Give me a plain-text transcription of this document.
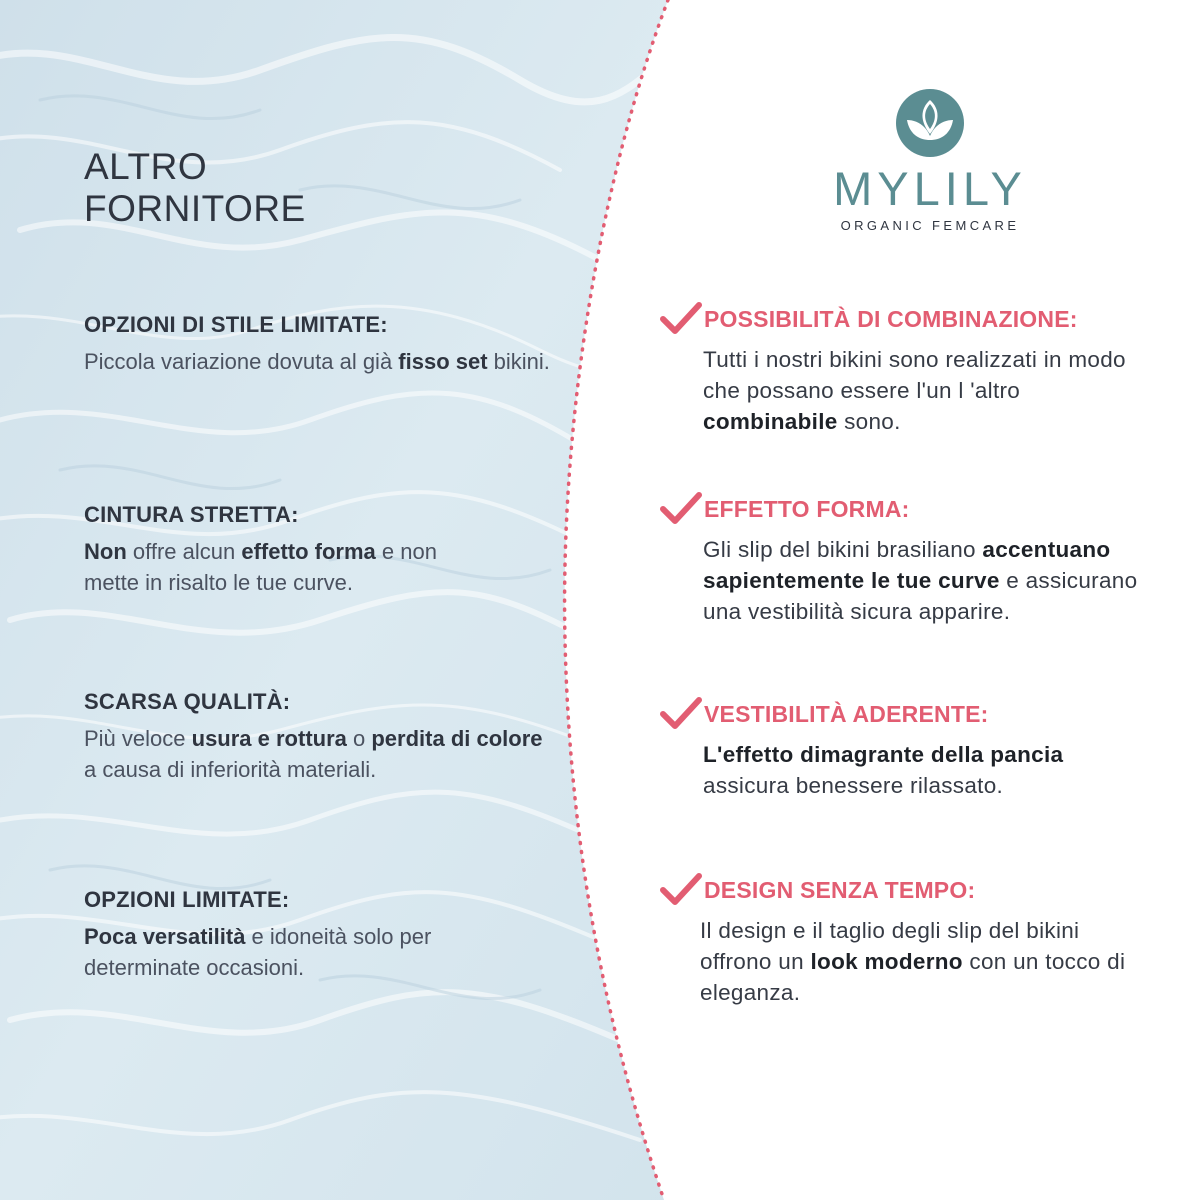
ALTRO
FORNITORE

OPZIONI DI STILE LIMITATE:

Piccola variazione dovuta al già fisso set bikini.

CINTURA STRETTA:

Non offre alcun effetto forma e non mette in risalto le tue curve.

SCARSA QUALITÀ:

Più veloce usura e rottura o perdita di colore a causa di inferiorità materiali.

OPZIONI LIMITATE:

Poca versatilità e idoneità solo per determinate occasioni.

MYLILY

ORGANIC FEMCARE

POSSIBILITÀ DI COMBINAZIONE:

Tutti i nostri bikini sono realizzati in modo che possano essere l'un l 'altro combinabile sono.

EFFETTO FORMA:

Gli slip del bikini brasiliano accentuano sapientemente le tue curve e assicurano una vestibilità sicura apparire.

VESTIBILITÀ ADERENTE:

L'effetto dimagrante della pancia assicura benessere rilassato.

DESIGN SENZA TEMPO:

Il design e il taglio degli slip del bikini offrono un look moderno con un tocco di eleganza.
